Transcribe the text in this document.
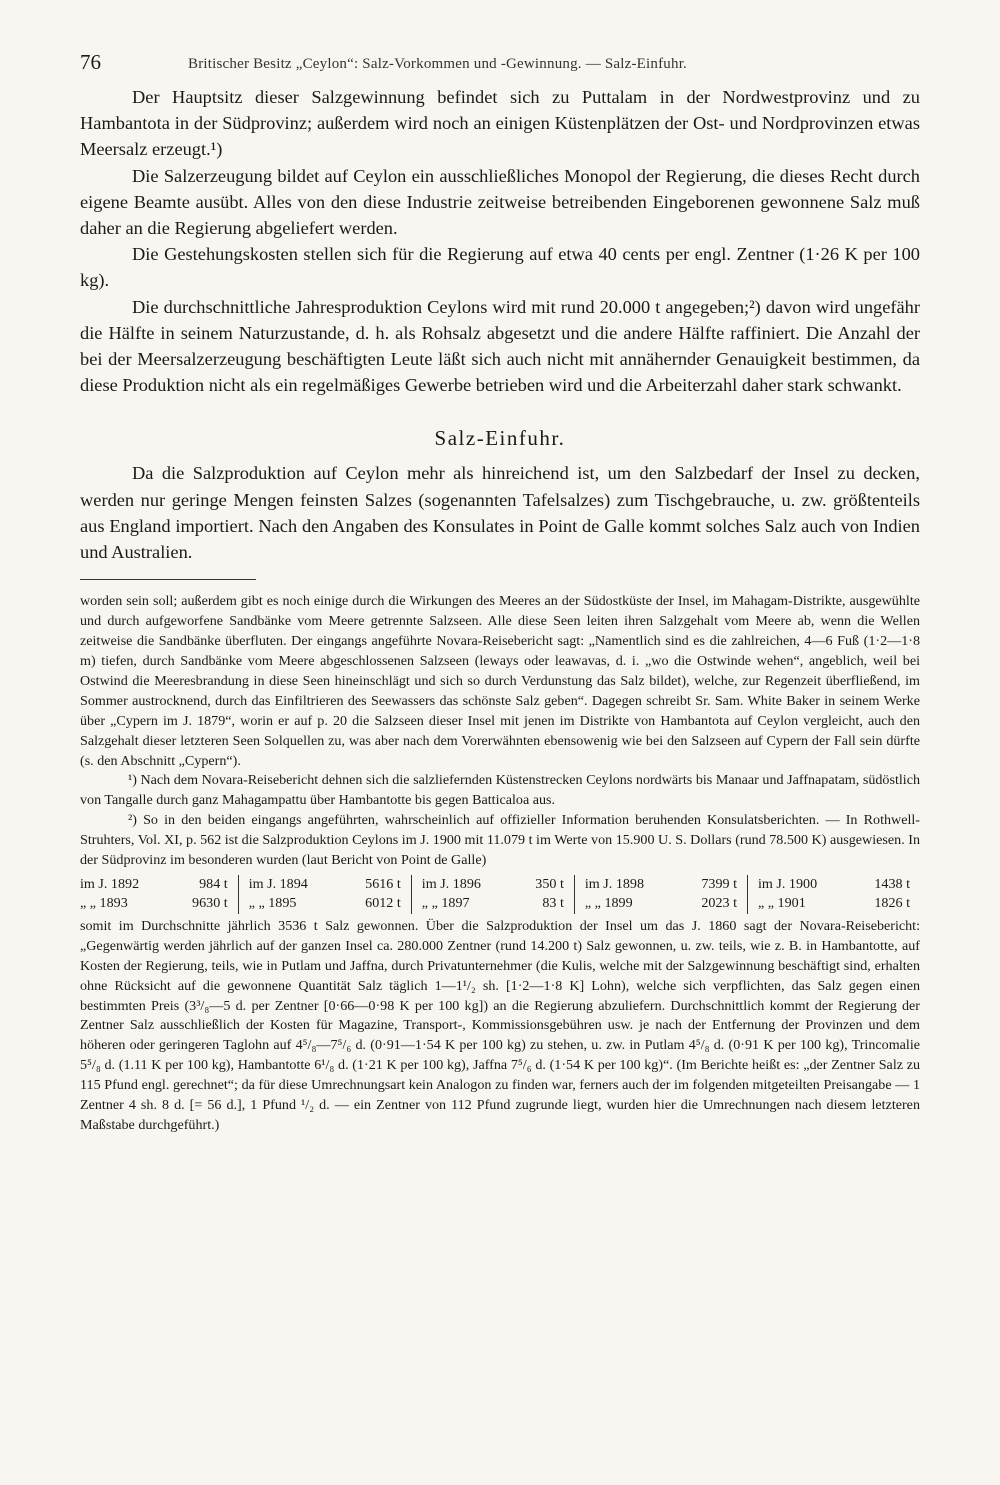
76	Britischer Besitz „Ceylon“: Salz-Vorkommen und -Gewinnung. — Salz-Einfuhr.

Der Hauptsitz dieser Salzgewinnung befindet sich zu Puttalam in der Nordwestprovinz und zu Hambantota in der Südprovinz; außerdem wird noch an einigen Küstenplätzen der Ost- und Nordprovinzen etwas Meersalz erzeugt.¹)

Die Salzerzeugung bildet auf Ceylon ein ausschließliches Monopol der Regierung, die dieses Recht durch eigene Beamte ausübt. Alles von den diese Industrie zeitweise betreibenden Eingeborenen gewonnene Salz muß daher an die Regierung abgeliefert werden.

Die Gestehungskosten stellen sich für die Regierung auf etwa 40 cents per engl. Zentner (1·26 K per 100 kg).

Die durchschnittliche Jahresproduktion Ceylons wird mit rund 20.000 t angegeben;²) davon wird ungefähr die Hälfte in seinem Naturzustande, d. h. als Rohsalz abgesetzt und die andere Hälfte raffiniert. Die Anzahl der bei der Meersalzerzeugung beschäftigten Leute läßt sich auch nicht mit annähernder Genauigkeit bestimmen, da diese Produktion nicht als ein regelmäßiges Gewerbe betrieben wird und die Arbeiterzahl daher stark schwankt.

Salz-Einfuhr.

Da die Salzproduktion auf Ceylon mehr als hinreichend ist, um den Salzbedarf der Insel zu decken, werden nur geringe Mengen feinsten Salzes (sogenannten Tafelsalzes) zum Tischgebrauche, u. zw. größtenteils aus England importiert. Nach den Angaben des Konsulates in Point de Galle kommt solches Salz auch von Indien und Australien.

worden sein soll; außerdem gibt es noch einige durch die Wirkungen des Meeres an der Südostküste der Insel, im Mahagam-Distrikte, ausgewühlte und durch aufgeworfene Sandbänke vom Meere getrennte Salzseen. Alle diese Seen leiten ihren Salzgehalt vom Meere ab, wenn die Wellen zeitweise die Sandbänke überfluten. Der eingangs angeführte Novara-Reisebericht sagt: „Namentlich sind es die zahlreichen, 4—6 Fuß (1·2—1·8 m) tiefen, durch Sandbänke vom Meere abgeschlossenen Salzseen (leways oder leawavas, d. i. „wo die Ostwinde wehen“, angeblich, weil bei Ostwind die Meeresbrandung in diese Seen hineinschlägt und sich so durch Verdunstung das Salz bildet), welche, zur Regenzeit überfließend, im Sommer austrocknend, durch das Einfiltrieren des Seewassers das schönste Salz geben“. Dagegen schreibt Sr. Sam. White Baker in seinem Werke über „Cypern im J. 1879“, worin er auf p. 20 die Salzseen dieser Insel mit jenen im Distrikte von Hambantota auf Ceylon vergleicht, auch den Salzgehalt dieser letzteren Seen Solquellen zu, was aber nach dem Vorerwähnten ebensowenig wie bei den Salzseen auf Cypern der Fall sein dürfte (s. den Abschnitt „Cypern“).

¹) Nach dem Novara-Reisebericht dehnen sich die salzliefernden Küstenstrecken Ceylons nordwärts bis Manaar und Jaffnapatam, südöstlich von Tangalle durch ganz Mahagampattu über Hambantotte bis gegen Batticaloa aus.

²) So in den beiden eingangs angeführten, wahrscheinlich auf offizieller Information beruhenden Konsulatsberichten. — In Rothwell-Struhters, Vol. XI, p. 562 ist die Salzproduktion Ceylons im J. 1900 mit 11.079 t im Werte von 15.900 U. S. Dollars (rund 78.500 K) ausgewiesen. In der Südprovinz im besonderen wurden (laut Bericht von Point de Galle)

im J. 1892	984 t	im J. 1894	5616 t	im J. 1896	350 t	im J. 1898	7399 t	im J. 1900	1438 t
„ „ 1893	9630 t	„ „ 1895	6012 t	„ „ 1897	83 t	„ „ 1899	2023 t	„ „ 1901	1826 t

somit im Durchschnitte jährlich 3536 t Salz gewonnen. Über die Salzproduktion der Insel um das J. 1860 sagt der Novara-Reisebericht: „Gegenwärtig werden jährlich auf der ganzen Insel ca. 280.000 Zentner (rund 14.200 t) Salz gewonnen, u. zw. teils, wie z. B. in Hambantotte, auf Kosten der Regierung, teils, wie in Putlam und Jaffna, durch Privatunternehmer (die Kulis, welche mit der Salzgewinnung beschäftigt sind, erhalten ohne Rücksicht auf die gewonnene Quantität Salz täglich 1—1¹/₂ sh. [1·2—1·8 K] Lohn), welche sich verpflichten, das Salz gegen einen bestimmten Preis (3³/₈—5 d. per Zentner [0·66—0·98 K per 100 kg]) an die Regierung abzuliefern. Durchschnittlich kommt der Regierung der Zentner Salz ausschließlich der Kosten für Magazine, Transport-, Kommissionsgebühren usw. je nach der Entfernung der Provinzen und dem höheren oder geringeren Taglohn auf 4⁵/₈—7⁵/₆ d. (0·91—1·54 K per 100 kg) zu stehen, u. zw. in Putlam 4⁵/₈ d. (0·91 K per 100 kg), Trincomalie 5⁵/₈ d. (1.11 K per 100 kg), Hambantotte 6¹/₈ d. (1·21 K per 100 kg), Jaffna 7⁵/₆ d. (1·54 K per 100 kg)“. (Im Berichte heißt es: „der Zentner Salz zu 115 Pfund engl. gerechnet“; da für diese Umrechnungsart kein Analogon zu finden war, ferners auch der im folgenden mitgeteilten Preisangabe — 1 Zentner 4 sh. 8 d. [= 56 d.], 1 Pfund ¹/₂ d. — ein Zentner von 112 Pfund zugrunde liegt, wurden hier die Umrechnungen nach diesem letzteren Maßstabe durchgeführt.)
